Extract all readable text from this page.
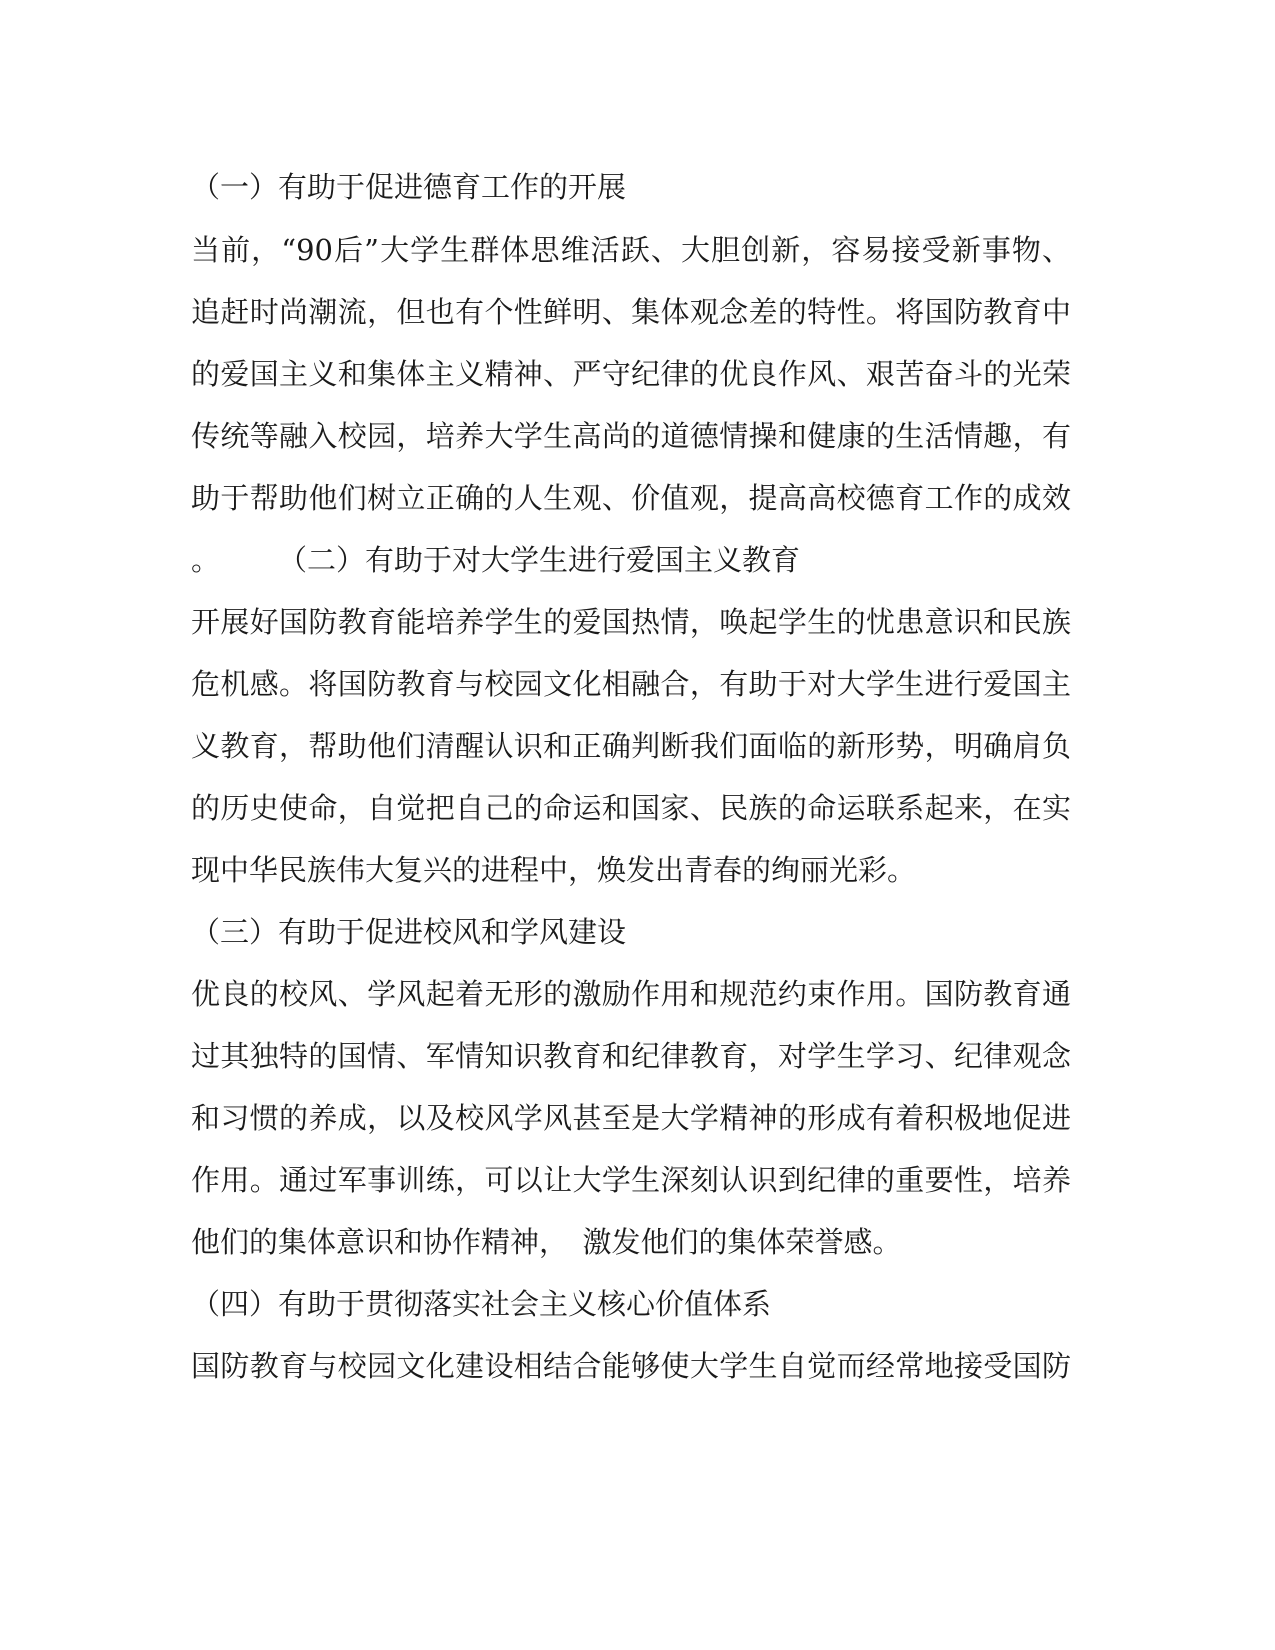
（一）有助于促进德育工作的开展

当前，“90后”大学生群体思维活跃、大胆创新，容易接受新事物、

追赶时尚潮流，但也有个性鲜明、集体观念差的特性。将国防教育中

的爱国主义和集体主义精神、严守纪律的优良作风、艰苦奋斗的光荣

传统等融入校园，培养大学生高尚的道德情操和健康的生活情趣，有

助于帮助他们树立正确的人生观、价值观，提高高校德育工作的成效

。　　　（二）有助于对大学生进行爱国主义教育

开展好国防教育能培养学生的爱国热情，唤起学生的忧患意识和民族

危机感。将国防教育与校园文化相融合，有助于对大学生进行爱国主

义教育，帮助他们清醒认识和正确判断我们面临的新形势，明确肩负

的历史使命，自觉把自己的命运和国家、民族的命运联系起来，在实

现中华民族伟大复兴的进程中，焕发出青春的绚丽光彩。

（三）有助于促进校风和学风建设

优良的校风、学风起着无形的激励作用和规范约束作用。国防教育通

过其独特的国情、军情知识教育和纪律教育，对学生学习、纪律观念

和习惯的养成，以及校风学风甚至是大学精神的形成有着积极地促进

作用。通过军事训练，可以让大学生深刻认识到纪律的重要性，培养

他们的集体意识和协作精神，　激发他们的集体荣誉感。

（四）有助于贯彻落实社会主义核心价值体系

国防教育与校园文化建设相结合能够使大学生自觉而经常地接受国防
